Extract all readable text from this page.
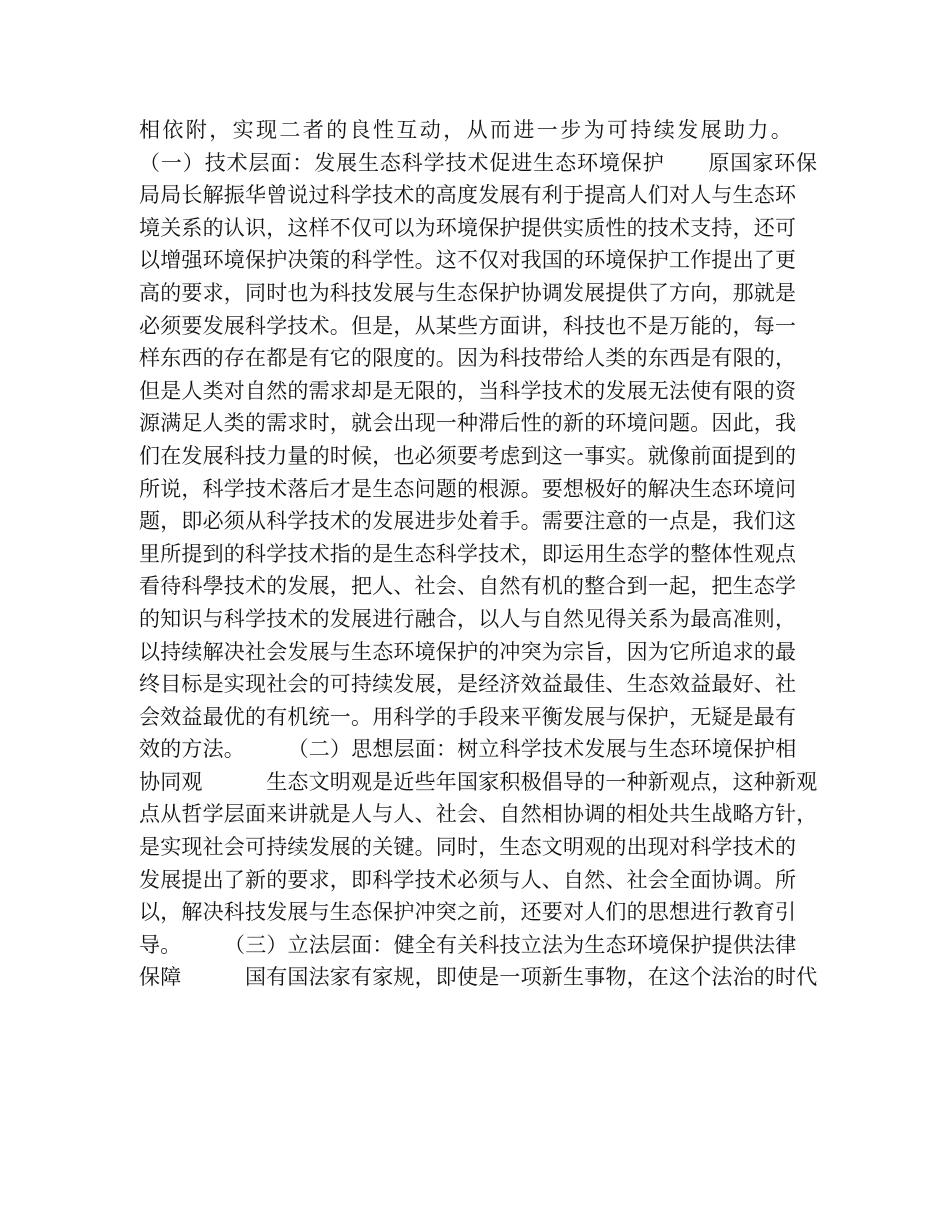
相依附，实现二者的良性互动，从而进一步为可持续发展助力。
（一）技术层面：发展生态科学技术促进生态环境保护　　原国家环保
局局长解振华曾说过科学技术的高度发展有利于提高人们对人与生态环
境关系的认识，这样不仅可以为环境保护提供实质性的技术支持，还可
以增强环境保护决策的科学性。这不仅对我国的环境保护工作提出了更
高的要求，同时也为科技发展与生态保护协调发展提供了方向，那就是
必须要发展科学技术。但是，从某些方面讲，科技也不是万能的，每一
样东西的存在都是有它的限度的。因为科技带给人类的东西是有限的，
但是人类对自然的需求却是无限的，当科学技术的发展无法使有限的资
源满足人类的需求时，就会出现一种滞后性的新的环境问题。因此，我
们在发展科技力量的时候，也必须要考虑到这一事实。就像前面提到的
所说，科学技术落后才是生态问题的根源。要想极好的解决生态环境问
题，即必须从科学技术的发展进步处着手。需要注意的一点是，我们这
里所提到的科学技术指的是生态科学技术，即运用生态学的整体性观点
看待科學技术的发展，把人、社会、自然有机的整合到一起，把生态学
的知识与科学技术的发展进行融合，以人与自然见得关系为最高准则，
以持续解决社会发展与生态环境保护的冲突为宗旨，因为它所追求的最
终目标是实现社会的可持续发展，是经济效益最佳、生态效益最好、社
会效益最优的有机统一。用科学的手段来平衡发展与保护，无疑是最有
效的方法。　　　（二）思想层面：树立科学技术发展与生态环境保护相
协同观　　　生态文明观是近些年国家积极倡导的一种新观点，这种新观
点从哲学层面来讲就是人与人、社会、自然相协调的相处共生战略方针，
是实现社会可持续发展的关键。同时，生态文明观的出现对科学技术的
发展提出了新的要求，即科学技术必须与人、自然、社会全面协调。所
以，解决科技发展与生态保护冲突之前，还要对人们的思想进行教育引
导。　　　（三）立法层面：健全有关科技立法为生态环境保护提供法律
保障　　　国有国法家有家规，即使是一项新生事物，在这个法治的时代
